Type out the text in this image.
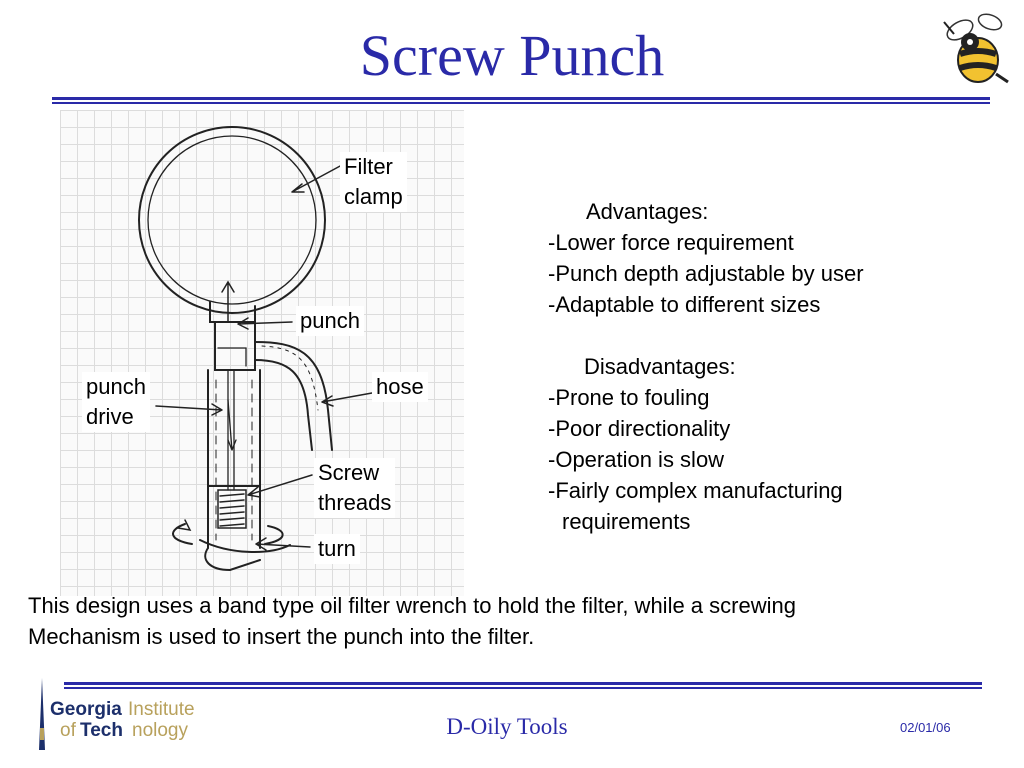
Screw Punch
Filter
clamp
punch
punch
drive
hose
Screw
threads
turn
Advantages:
-Lower force requirement
-Punch depth adjustable by user
-Adaptable to different sizes
Disadvantages:
-Prone to fouling
-Poor directionality
-Operation is slow
-Fairly complex manufacturing
requirements
This design uses a band type oil filter wrench to hold the filter, while a screwing
Mechanism is used to insert the punch into the filter.
Georgia Institute
of Tech nology	D-Oily Tools	02/01/06
